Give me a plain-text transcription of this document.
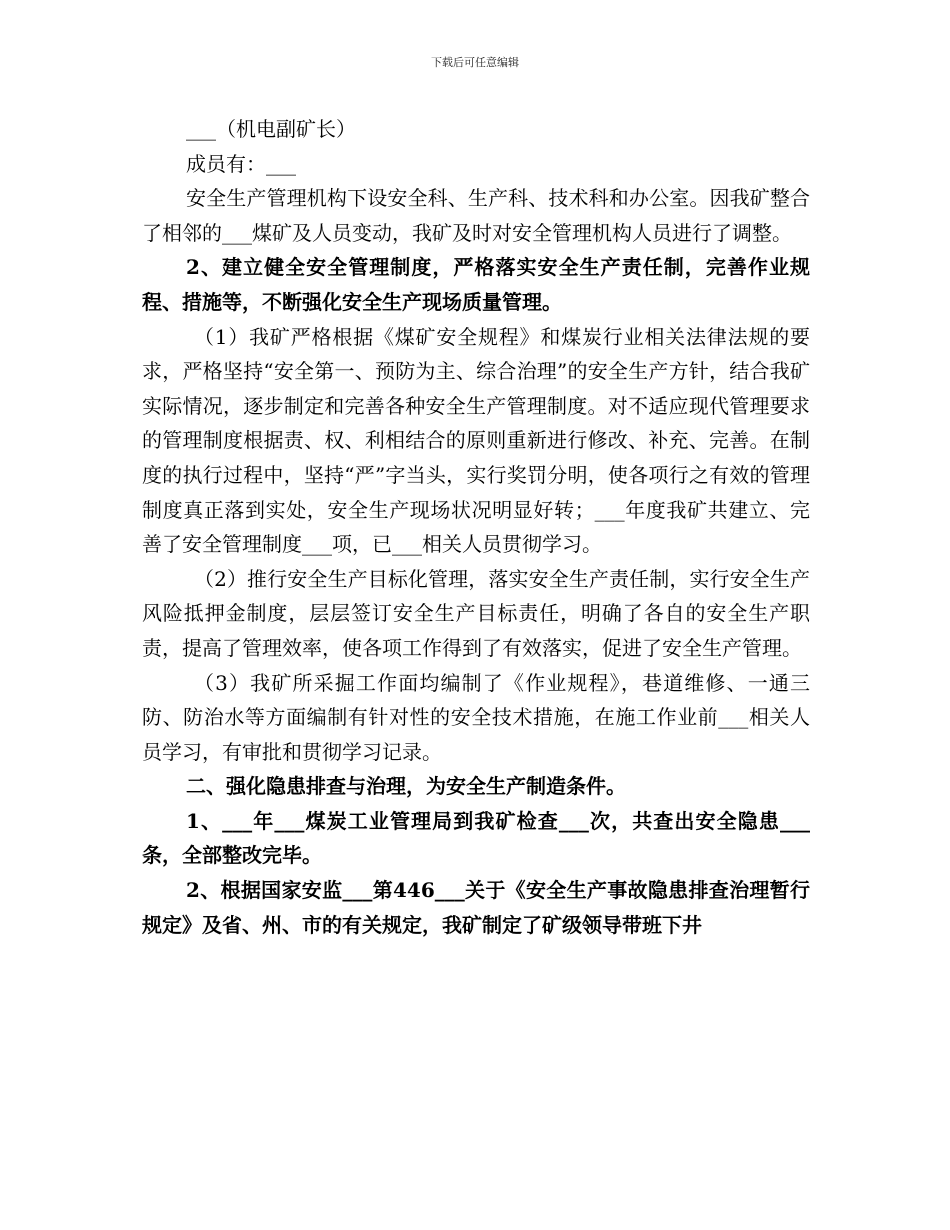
下载后可任意编辑

___（机电副矿长）

成员有：___

安全生产管理机构下设安全科、生产科、技术科和办公室。因我矿整合了相邻的___煤矿及人员变动，我矿及时对安全管理机构人员进行了调整。

2、建立健全安全管理制度，严格落实安全生产责任制，完善作业规程、措施等，不断强化安全生产现场质量管理。

（1）我矿严格根据《煤矿安全规程》和煤炭行业相关法律法规的要求，严格坚持“安全第一、预防为主、综合治理”的安全生产方针，结合我矿实际情况，逐步制定和完善各种安全生产管理制度。对不适应现代管理要求的管理制度根据责、权、利相结合的原则重新进行修改、补充、完善。在制度的执行过程中，坚持“严”字当头，实行奖罚分明，使各项行之有效的管理制度真正落到实处，安全生产现场状况明显好转；___年度我矿共建立、完善了安全管理制度___项，已___相关人员贯彻学习。

（2）推行安全生产目标化管理，落实安全生产责任制，实行安全生产风险抵押金制度，层层签订安全生产目标责任，明确了各自的安全生产职责，提高了管理效率，使各项工作得到了有效落实，促进了安全生产管理。

（3）我矿所采掘工作面均编制了《作业规程》，巷道维修、一通三防、防治水等方面编制有针对性的安全技术措施，在施工作业前___相关人员学习，有审批和贯彻学习记录。

二、强化隐患排查与治理，为安全生产制造条件。

1、___年___煤炭工业管理局到我矿检查___次，共查出安全隐患___条，全部整改完毕。

2、根据国家安监___第446___关于《安全生产事故隐患排查治理暂行规定》及省、州、市的有关规定，我矿制定了矿级领导带班下井
